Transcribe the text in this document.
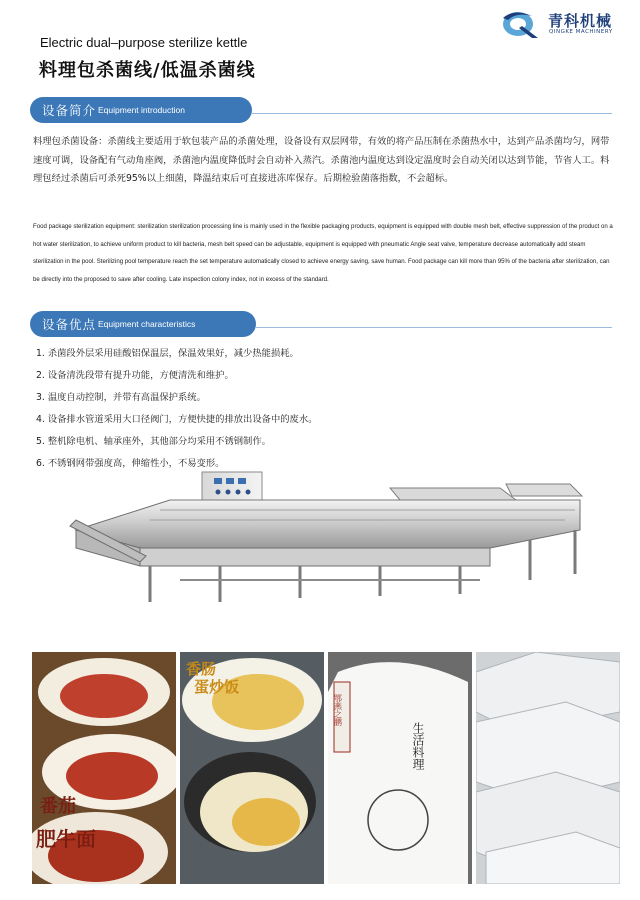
青科机械
QINGKE MACHINERY
Electric dual–purpose sterilize kettle
料理包杀菌线/低温杀菌线
设备简介 Equipment introduction

料理包杀菌设备：杀菌线主要适用于软包装产品的杀菌处理，设备设有双层网带，有效的将产品压制在杀菌热水中，达到产品杀菌均匀，网带速度可调，设备配有气动角座阀，杀菌池内温度降低时会自动补入蒸汽。杀菌池内温度达到设定温度时会自动关闭以达到节能，节省人工。料理包经过杀菌后可杀死95%以上细菌，降温结束后可直接进冻库保存。后期检验菌落指数，不会超标。

Food package sterilization equipment: sterilization sterilization processing line is mainly used in the flexible packaging products, equipment is equipped with double mesh belt, effective suppression of the product on a hot water sterilization, to achieve uniform product to kill bacteria, mesh belt speed can be adjustable, equipment is equipped with pneumatic Angle seat valve, temperature decrease automatically add steam sterilization in the pool. Sterilizing pool temperature reach the set temperature automatically closed to achieve energy saving, save human. Food package can kill more than 95% of the bacteria after sterilization, can be directly into the proposed to save after cooling. Late inspection colony index, not in excess of the standard.

设备优点 Equipment characteristics
1. 杀菌段外层采用硅酸铝保温层，保温效果好，减少热能损耗。
2. 设备清洗段带有提升功能，方便清洗和维护。
3. 温度自动控制，并带有高温保护系统。
4. 设备排水管道采用大口径阀门，方便快捷的排放出设备中的废水。
5. 整机除电机、轴承座外，其他部分均采用不锈钢制作。
6. 不锈钢网带强度高，伸缩性小，不易变形。
番茄
肥牛面
香肠
蛋炒饭
生活料理
鄂燕之鹏
